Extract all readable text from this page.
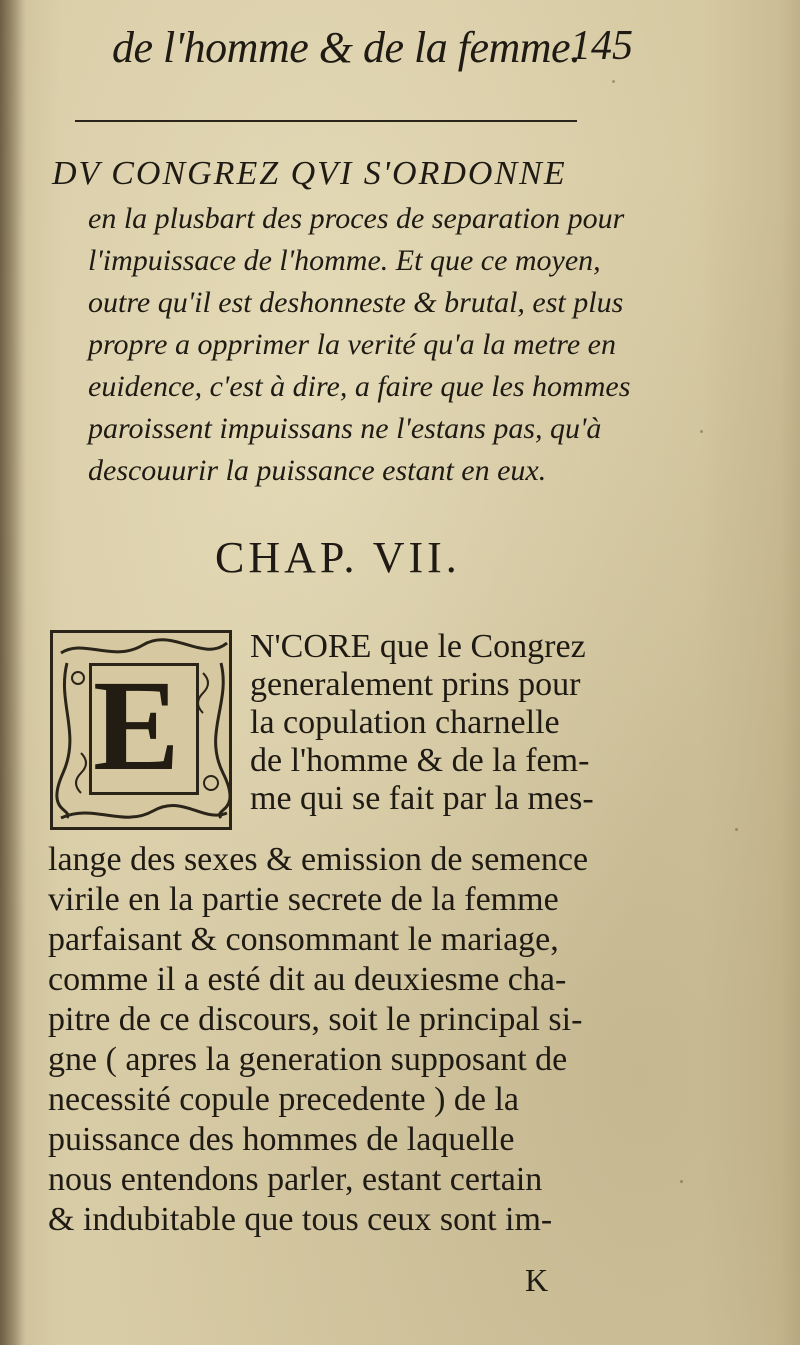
de l'homme & de la femme.
145
DV CONGREZ QVI S'ORDONNE
en la plusbart des proces de separation pour
l'impuissace de l'homme. Et que ce moyen,
outre qu'il est deshonneste & brutal, est plus
propre a opprimer la verité qu'a la metre en
euidence, c'est à dire, a faire que les hommes
paroissent impuissans ne l'estans pas, qu'à
descouurir la puissance estant en eux.
CHAP. VII.
E
N'CORE que le Congrez
generalement prins pour
la copulation charnelle
de l'homme & de la fem-
me qui se fait par la mes-
lange des sexes & emission de semence
virile en la partie secrete de la femme
parfaisant & consommant le mariage,
comme il a esté dit au deuxiesme cha-
pitre de ce discours, soit le principal si-
gne ( apres la generation supposant de
necessité copule precedente ) de la
puissance des hommes de laquelle
nous entendons parler, estant certain
& indubitable que tous ceux sont im-
K
